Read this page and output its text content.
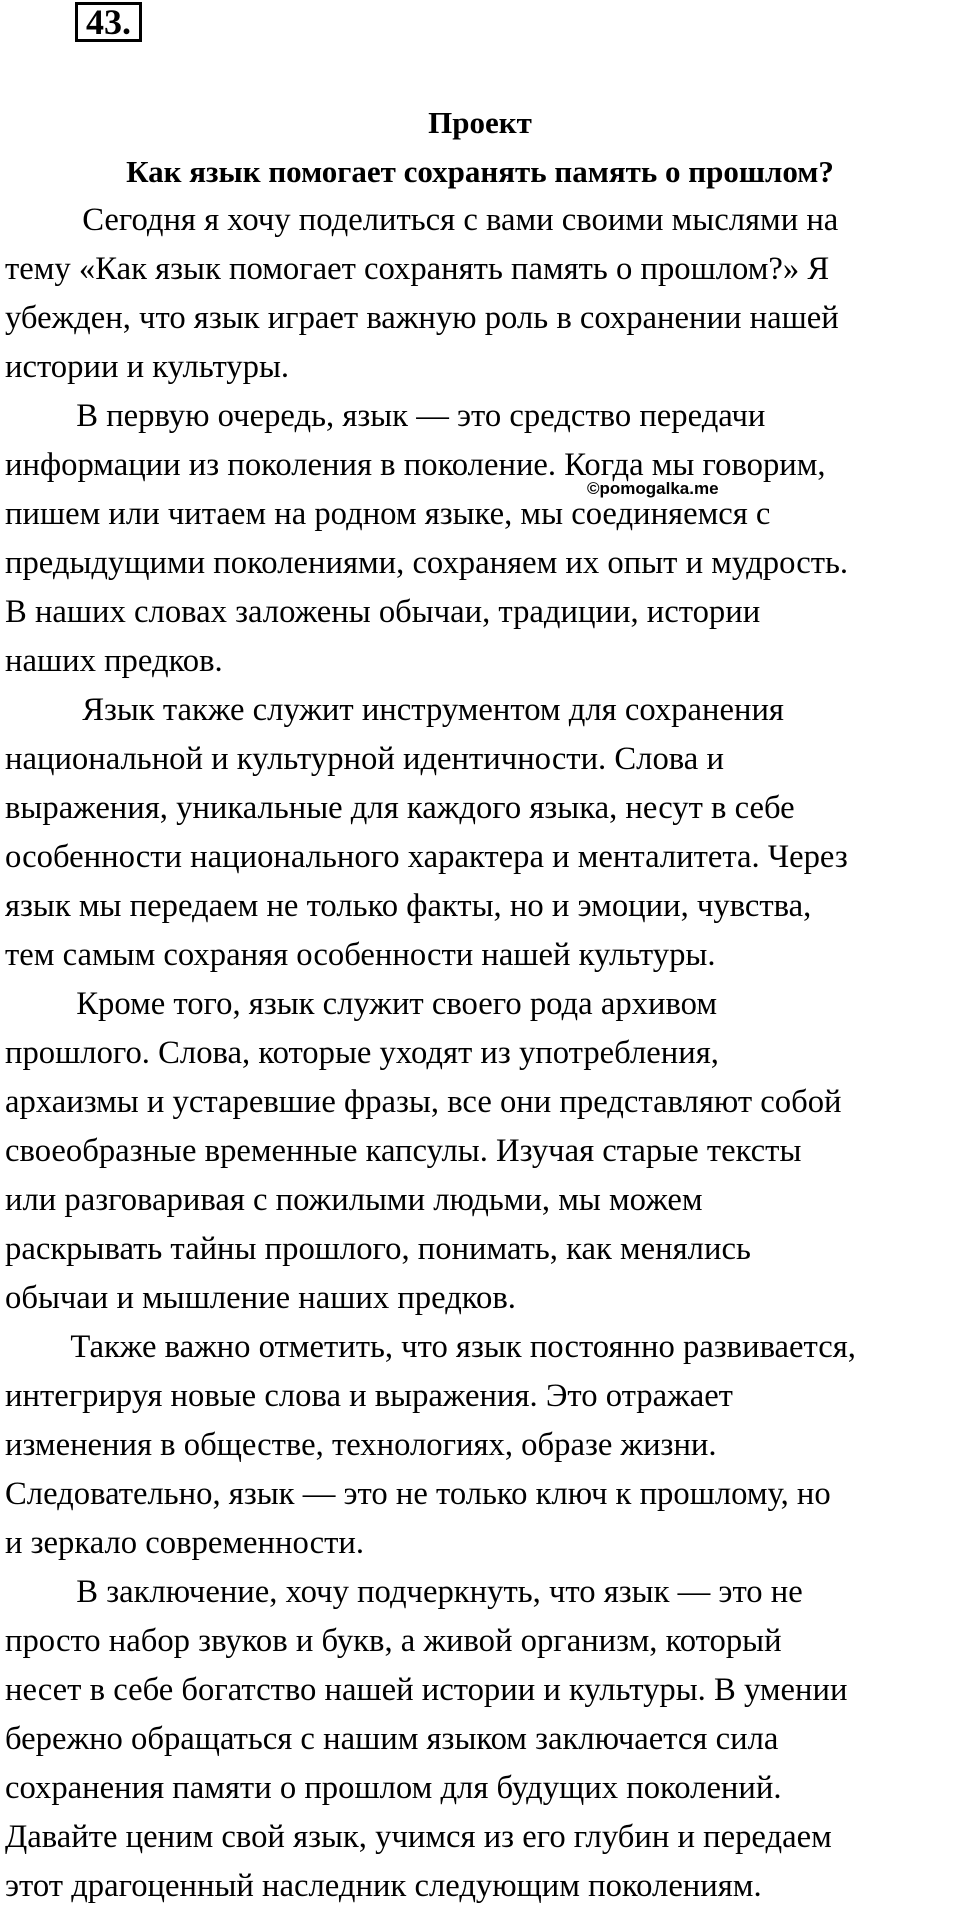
43.
Проект
Как язык помогает сохранять память о прошлом?
Сегодня я хочу поделиться с вами своими мыслями на
тему «Как язык помогает сохранять память о прошлом?» Я
убежден, что язык играет важную роль в сохранении нашей
истории и культуры.
В первую очередь, язык — это средство передачи
информации из поколения в поколение. Когда мы говорим,
пишем или читаем на родном языке, мы соединяемся с
предыдущими поколениями, сохраняем их опыт и мудрость.
В наших словах заложены обычаи, традиции, истории
наших предков.
Язык также служит инструментом для сохранения
национальной и культурной идентичности. Слова и
выражения, уникальные для каждого языка, несут в себе
особенности национального характера и менталитета. Через
язык мы передаем не только факты, но и эмоции, чувства,
тем самым сохраняя особенности нашей культуры.
Кроме того, язык служит своего рода архивом
прошлого. Слова, которые уходят из употребления,
архаизмы и устаревшие фразы, все они представляют собой
своеобразные временные капсулы. Изучая старые тексты
или разговаривая с пожилыми людьми, мы можем
раскрывать тайны прошлого, понимать, как менялись
обычаи и мышление наших предков.
Также важно отметить, что язык постоянно развивается,
интегрируя новые слова и выражения. Это отражает
изменения в обществе, технологиях, образе жизни.
Следовательно, язык — это не только ключ к прошлому, но
и зеркало современности.
В заключение, хочу подчеркнуть, что язык — это не
просто набор звуков и букв, а живой организм, который
несет в себе богатство нашей истории и культуры. В умении
бережно обращаться с нашим языком заключается сила
сохранения памяти о прошлом для будущих поколений.
Давайте ценим свой язык, учимся из его глубин и передаем
этот драгоценный наследник следующим поколениям.
©pomogalka.me
